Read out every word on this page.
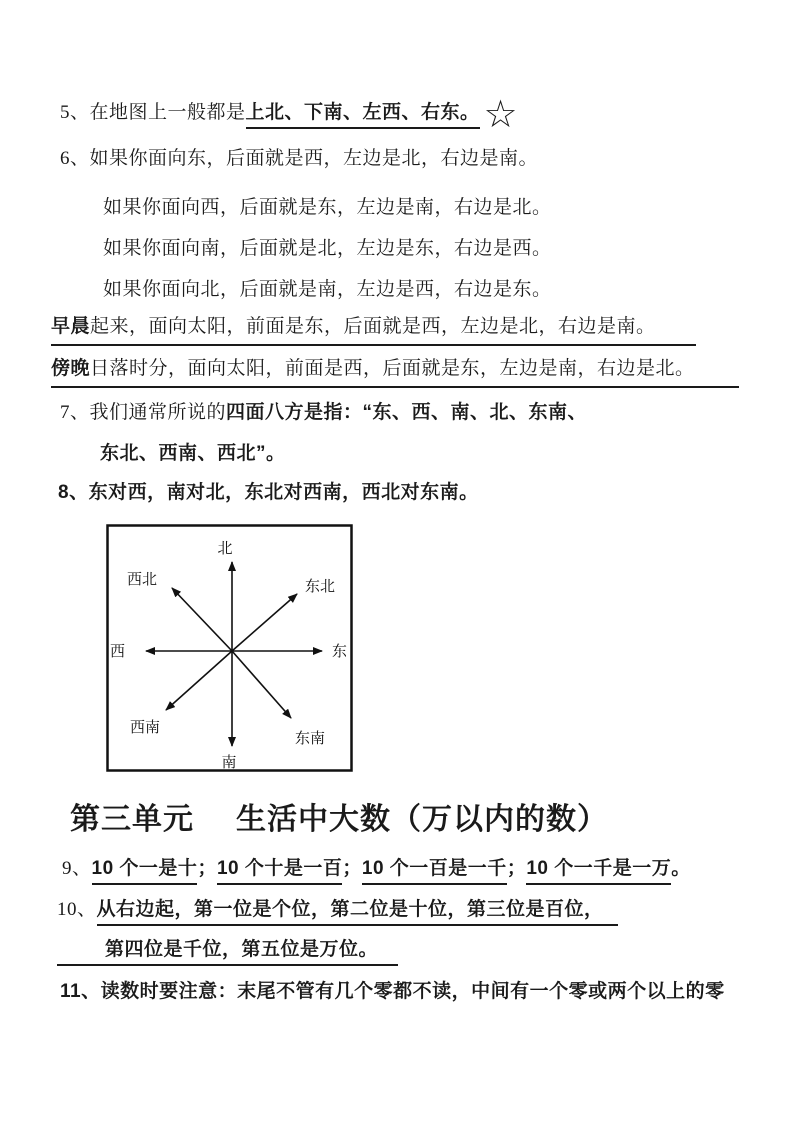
5、在地图上一般都是上北、下南、左西、右东。 ☆
6、如果你面向东，后面就是西，左边是北，右边是南。
如果你面向西，后面就是东，左边是南，右边是北。
如果你面向南，后面就是北，左边是东，右边是西。
如果你面向北，后面就是南，左边是西，右边是东。
早晨起来，面向太阳，前面是东，后面就是西，左边是北，右边是南。
傍晚日落时分，面向太阳，前面是西，后面就是东，左边是南，右边是北。
7、我们通常所说的四面八方是指：“东、西、南、北、东南、
东北、西南、西北”。
8、东对西，南对北，东北对西南，西北对东南。
北
南
西	东
西北	东北
西南
东南
第三单元 生活中大数（万以内的数）
9、10 个一是十；10 个十是一百；10 个一百是一千；10 个一千是一万。
10、从右边起，第一位是个位，第二位是十位，第三位是百位，
第四位是千位，第五位是万位。
11、读数时要注意：末尾不管有几个零都不读，中间有一个零或两个以上的零
